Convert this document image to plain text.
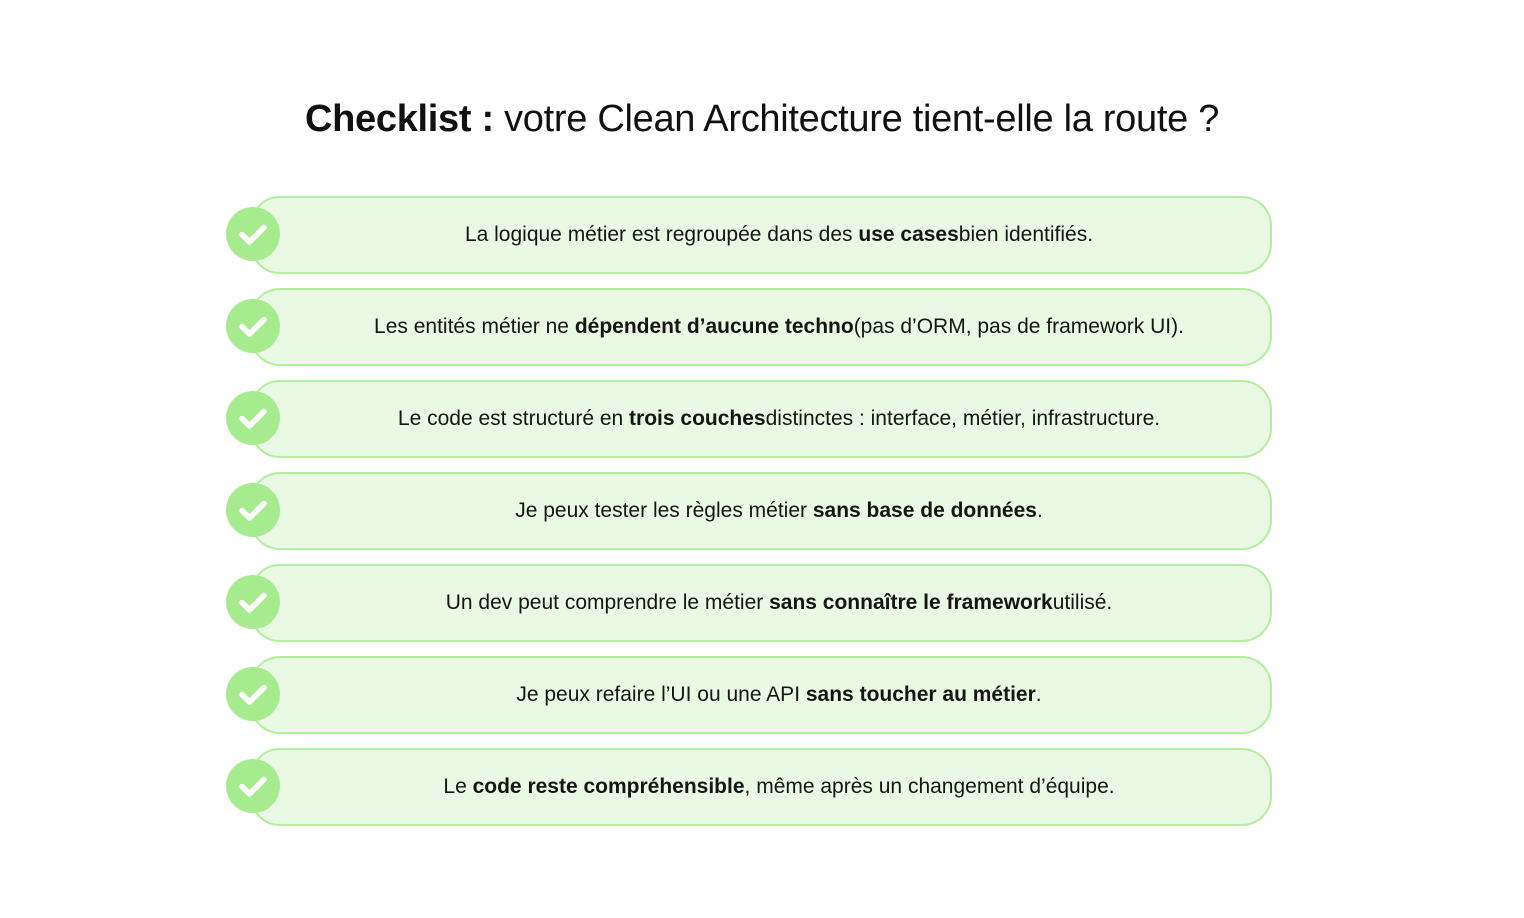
Checklist : votre Clean Architecture tient-elle la route ?
La logique métier est regroupée dans des
use cases bien identifiés.
Les entités métier ne
dépendent d’aucune techno (pas d’ORM, pas de framework UI).
Le code est structuré en
trois couches distinctes : interface, métier, infrastructure.
Je peux tester les règles métier
sans base de données .
Un dev peut comprendre le métier
sans connaître le framework utilisé.
Je peux refaire l’UI ou une API
sans toucher au métier .
Le
code reste compréhensible , même après un changement d’équipe.
